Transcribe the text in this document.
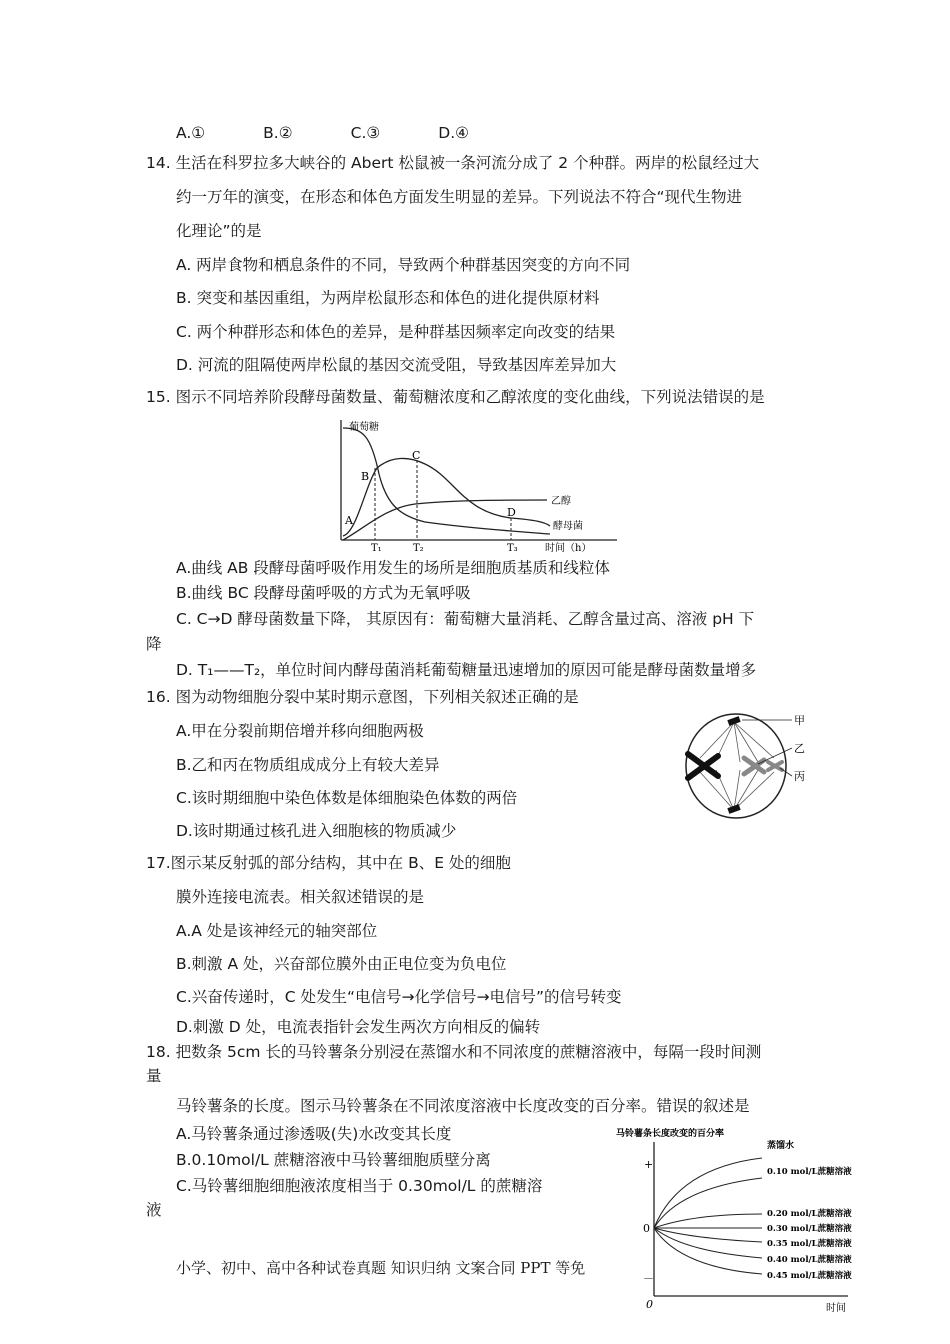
A.①	B.②	C.③	D.④
14. 生活在科罗拉多大峡谷的 Abert 松鼠被一条河流分成了 2 个种群。两岸的松鼠经过大
约一万年的演变，在形态和体色方面发生明显的差异。下列说法不符合“现代生物进
化理论”的是
A. 两岸食物和栖息条件的不同，导致两个种群基因突变的方向不同
B. 突变和基因重组，为两岸松鼠形态和体色的进化提供原材料
C. 两个种群形态和体色的差异，是种群基因频率定向改变的结果
D. 河流的阻隔使两岸松鼠的基因交流受阻，导致基因库差异加大
15. 图示不同培养阶段酵母菌数量、葡萄糖浓度和乙醇浓度的变化曲线，下列说法错误的是
葡萄糖
乙醇
酵母菌
A
B
C
D
T₁	T₂	T₃	时间（h）
A.曲线 AB 段酵母菌呼吸作用发生的场所是细胞质基质和线粒体
B.曲线 BC 段酵母菌呼吸的方式为无氧呼吸
C. C→D 酵母菌数量下降， 其原因有：葡萄糖大量消耗、乙醇含量过高、溶液 pH 下
降
D. T₁——T₂，单位时间内酵母菌消耗葡萄糖量迅速增加的原因可能是酵母菌数量增多
16. 图为动物细胞分裂中某时期示意图，下列相关叙述正确的是
A.甲在分裂前期倍增并移向细胞两极
B.乙和丙在物质组成成分上有较大差异
C.该时期细胞中染色体数是体细胞染色体数的两倍
D.该时期通过核孔进入细胞核的物质减少
甲
乙
丙
17.图示某反射弧的部分结构，其中在 B、E 处的细胞
膜外连接电流表。相关叙述错误的是
A.A 处是该神经元的轴突部位
B.刺激 A 处，兴奋部位膜外由正电位变为负电位
C.兴奋传递时，C 处发生“电信号→化学信号→电信号”的信号转变
D.刺激 D 处，电流表指针会发生两次方向相反的偏转
18. 把数条 5cm 长的马铃薯条分别浸在蒸馏水和不同浓度的蔗糖溶液中，每隔一段时间测
量
马铃薯条的长度。图示马铃薯条在不同浓度溶液中长度改变的百分率。错误的叙述是
A.马铃薯条通过渗透吸(失)水改变其长度
B.0.10mol/L 蔗糖溶液中马铃薯细胞质壁分离
C.马铃薯细胞细胞液浓度相当于 0.30mol/L 的蔗糖溶
液
马铃薯条长度改变的百分率
+
0
－
0	时间
蒸馏水
0.10 mol/L蔗糖溶液
0.20 mol/L蔗糖溶液
0.30 mol/L蔗糖溶液
0.35 mol/L蔗糖溶液
0.40 mol/L蔗糖溶液
0.45 mol/L蔗糖溶液
小学、初中、高中各种试卷真题 知识归纳 文案合同 PPT 等免
